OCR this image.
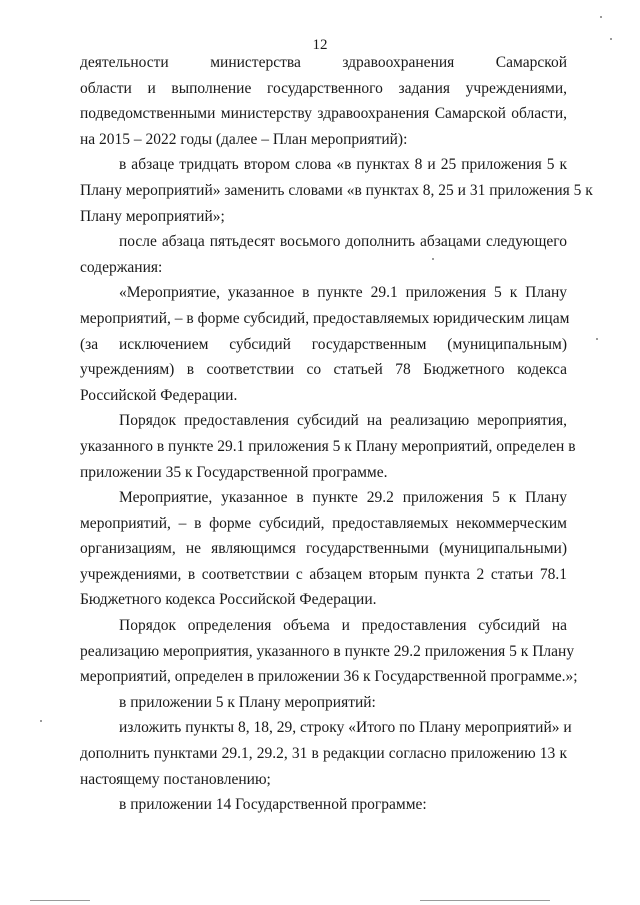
12
деятельности министерства здравоохранения Самарской
области и выполнение государственного задания учреждениями,
подведомственными министерству здравоохранения Самарской области,
на 2015 – 2022 годы (далее – План мероприятий):
в абзаце тридцать втором слова «в пунктах 8 и 25 приложения 5 к
Плану мероприятий» заменить словами «в пунктах 8, 25 и 31 приложения 5 к
Плану мероприятий»;
после абзаца пятьдесят восьмого дополнить абзацами следующего
содержания:
«Мероприятие, указанное в пункте 29.1 приложения 5 к Плану
мероприятий, – в форме субсидий, предоставляемых юридическим лицам
(за исключением субсидий государственным (муниципальным)
учреждениям) в соответствии со статьей 78 Бюджетного кодекса
Российской Федерации.
Порядок предоставления субсидий на реализацию мероприятия,
указанного в пункте 29.1 приложения 5 к Плану мероприятий, определен в
приложении 35 к Государственной программе.
Мероприятие, указанное в пункте 29.2 приложения 5 к Плану
мероприятий, – в форме субсидий, предоставляемых некоммерческим
организациям, не являющимся государственными (муниципальными)
учреждениями, в соответствии с абзацем вторым пункта 2 статьи 78.1
Бюджетного кодекса Российской Федерации.
Порядок определения объема и предоставления субсидий на
реализацию мероприятия, указанного в пункте 29.2 приложения 5 к Плану
мероприятий, определен в приложении 36 к Государственной программе.»;
в приложении 5 к Плану мероприятий:
изложить пункты 8, 18, 29, строку «Итого по Плану мероприятий» и
дополнить пунктами 29.1, 29.2, 31 в редакции согласно приложению 13 к
настоящему постановлению;
в приложении 14 Государственной программе:
